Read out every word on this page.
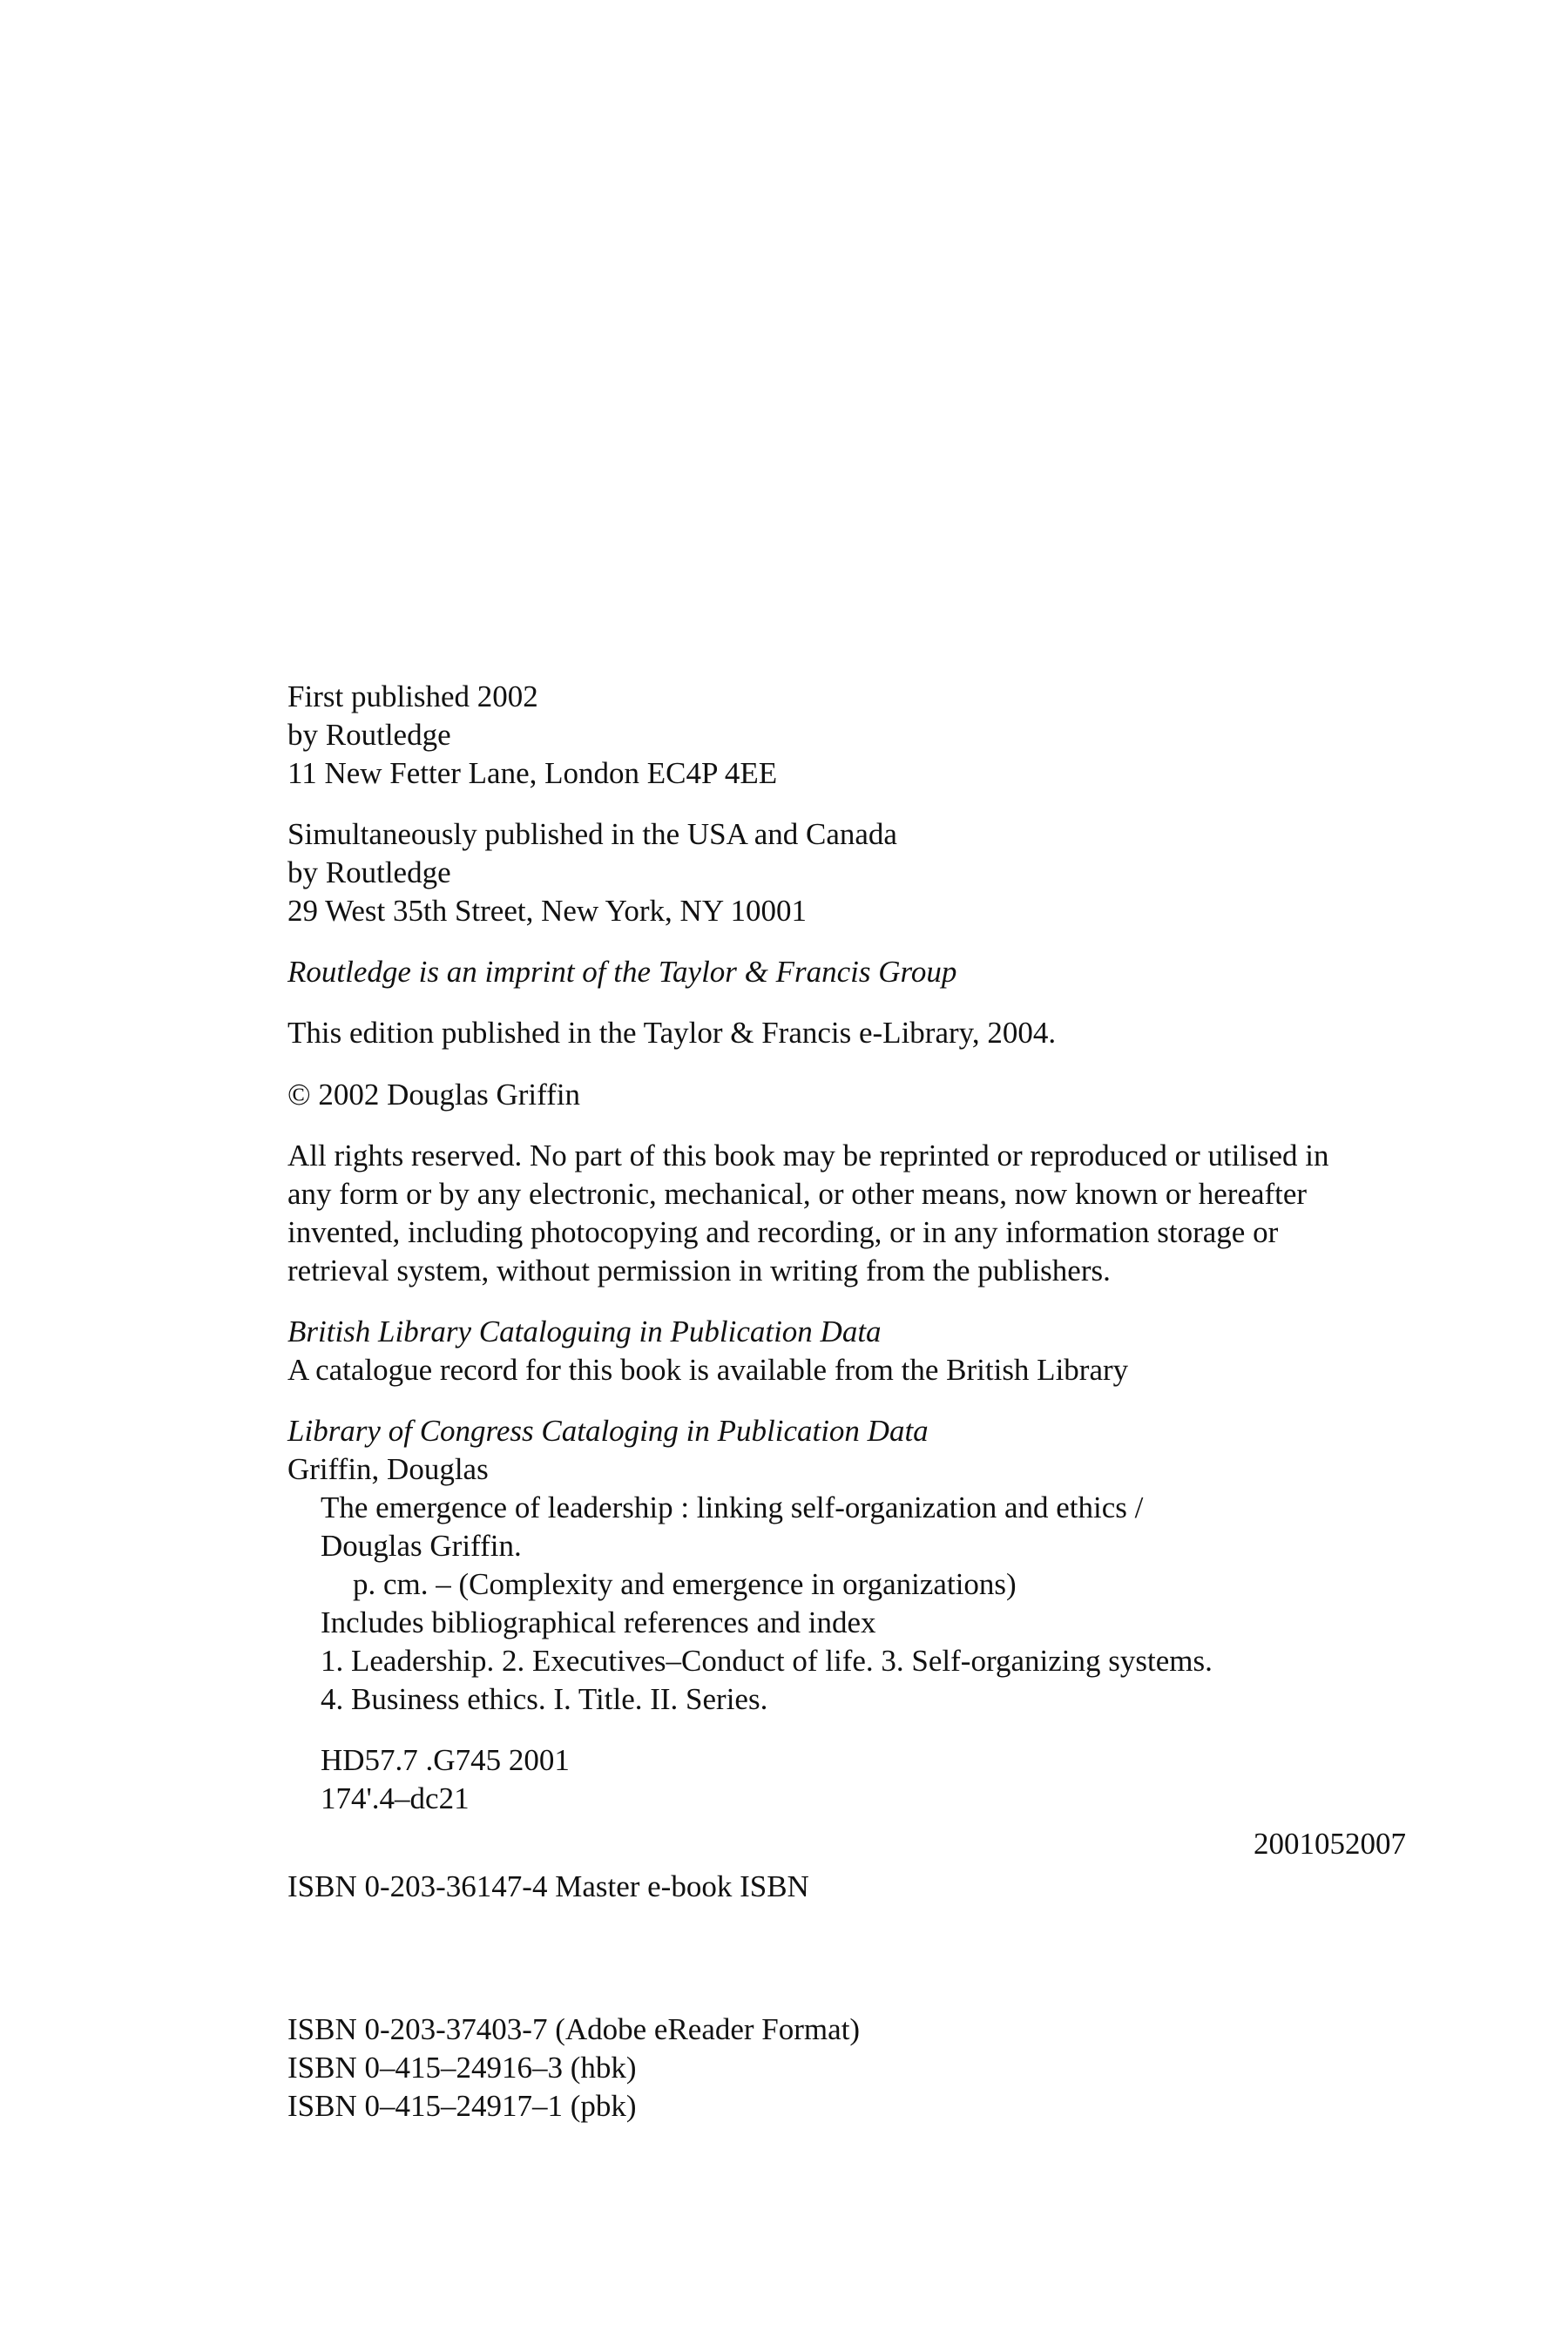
First published 2002
by Routledge
11 New Fetter Lane, London EC4P 4EE
Simultaneously published in the USA and Canada
by Routledge
29 West 35th Street, New York, NY 10001
Routledge is an imprint of the Taylor & Francis Group
This edition published in the Taylor & Francis e-Library, 2004.
© 2002 Douglas Griffin
All rights reserved. No part of this book may be reprinted or reproduced or utilised in
any form or by any electronic, mechanical, or other means, now known or hereafter
invented, including photocopying and recording, or in any information storage or
retrieval system, without permission in writing from the publishers.
British Library Cataloguing in Publication Data
A catalogue record for this book is available from the British Library
Library of Congress Cataloging in Publication Data
Griffin, Douglas
The emergence of leadership : linking self-organization and ethics /
Douglas Griffin.
p. cm. – (Complexity and emergence in organizations)
Includes bibliographical references and index
1. Leadership. 2. Executives–Conduct of life. 3. Self-organizing systems.
4. Business ethics. I. Title. II. Series.
HD57.7 .G745 2001
174'.4–dc21
2001052007
ISBN 0-203-36147-4 Master e-book ISBN
ISBN 0-203-37403-7 (Adobe eReader Format)
ISBN 0–415–24916–3 (hbk)
ISBN 0–415–24917–1 (pbk)
